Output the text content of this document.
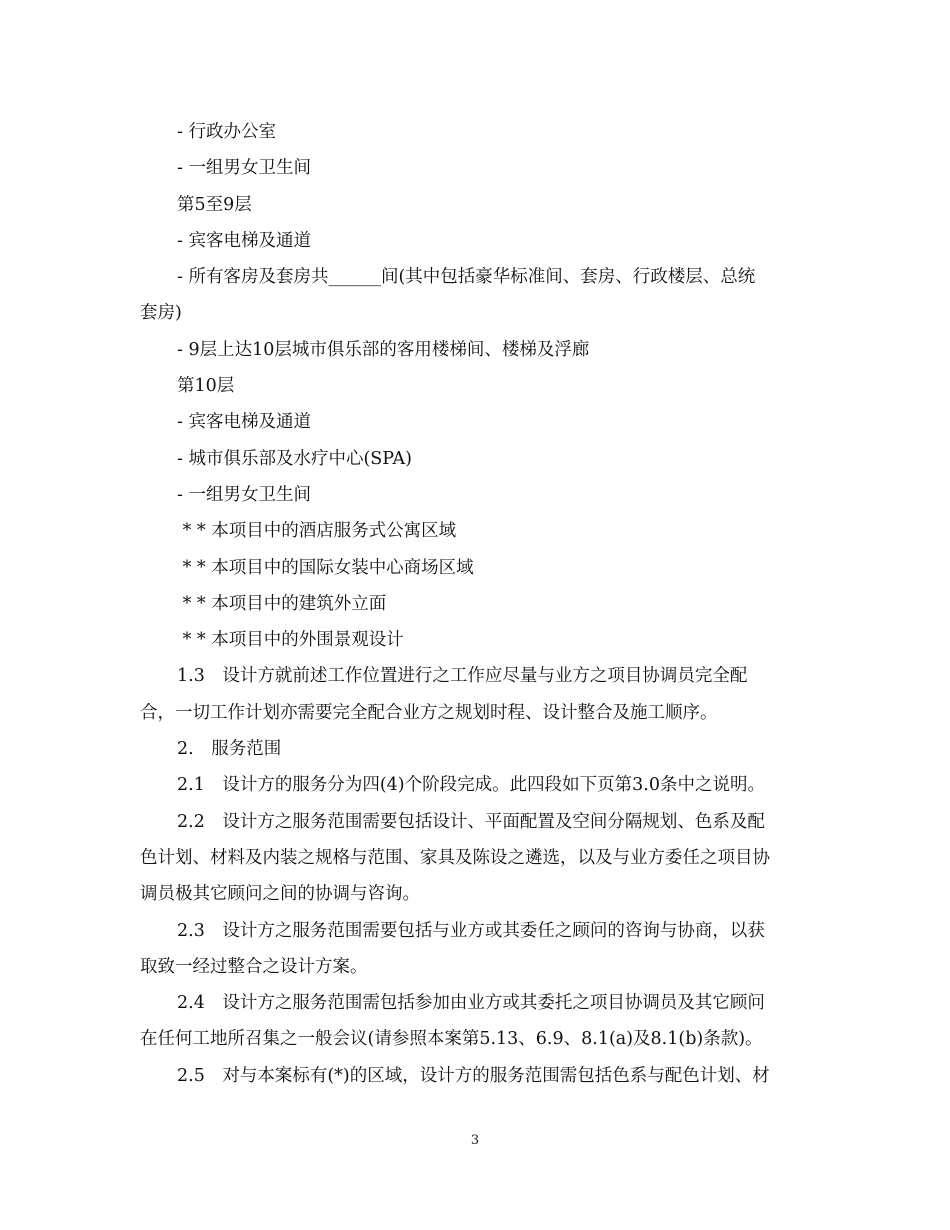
- 行政办公室
- 一组男女卫生间
第5至9层
- 宾客电梯及通道
- 所有客房及套房共______间(其中包括豪华标准间、套房、行政楼层、总统
套房)
- 9层上达10层城市俱乐部的客用楼梯间、楼梯及浮廊
第10层
- 宾客电梯及通道
- 城市俱乐部及水疗中心(SPA)
- 一组男女卫生间
* * 本项目中的酒店服务式公寓区域
* * 本项目中的国际女装中心商场区域
* * 本项目中的建筑外立面
* * 本项目中的外围景观设计
1.3　设计方就前述工作位置进行之工作应尽量与业方之项目协调员完全配
合，一切工作计划亦需要完全配合业方之规划时程、设计整合及施工顺序。
2.　服务范围
2.1　设计方的服务分为四(4)个阶段完成。此四段如下页第3.0条中之说明。
2.2　设计方之服务范围需要包括设计、平面配置及空间分隔规划、色系及配
色计划、材料及内装之规格与范围、家具及陈设之遴选，以及与业方委任之项目协
调员极其它顾问之间的协调与咨询。
2.3　设计方之服务范围需要包括与业方或其委任之顾问的咨询与协商，以获
取致一经过整合之设计方案。
2.4　设计方之服务范围需包括参加由业方或其委托之项目协调员及其它顾问
在任何工地所召集之一般会议(请参照本案第5.13、6.9、8.1(a)及8.1(b)条款)。
2.5　对与本案标有(*)的区域，设计方的服务范围需包括色系与配色计划、材
3
